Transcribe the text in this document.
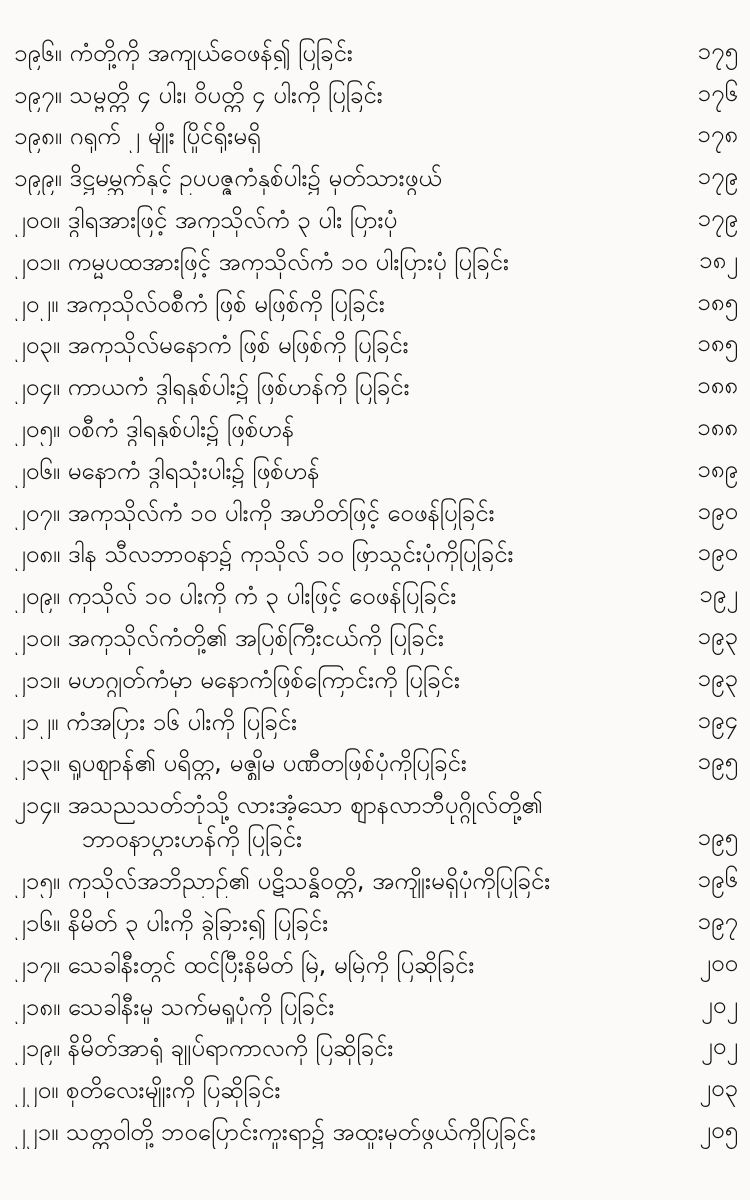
၁၉၆။ ကံတို့ကို အကျယ်ဝေဖန်၍ ပြခြင်း	၁၇၅
၁၉၇။ သမ္ဗတ္တိ ၄ ပါး၊ ဝိပတ္တိ ၄ ပါးကို ပြခြင်း	၁၇၆
၁၉၈။ ဂရုက် ၂ မျိုး ပြိုင်ရိုးမရှိ	၁၇၈
၁၉၉။ ဒိဋ္ဌမမ္ဘက်နှင့် ဥပပဇ္ဇကံနှစ်ပါး၌ မှတ်သားဖွယ်	၁၇၉
၂၀၀။ ဒွါရအားဖြင့် အကုသိုလ်ကံ ၃ ပါး ပြားပုံ	၁၇၉
၂၀၁။ ကမ္မပထအားဖြင့် အကုသိုလ်ကံ ၁၀ ပါးပြားပုံ ပြခြင်း	၁၈၂
၂၀၂။ အကုသိုလ်ဝစီကံ ဖြစ် မဖြစ်ကို ပြခြင်း	၁၈၅
၂၀၃။ အကုသိုလ်မနောကံ ဖြစ် မဖြစ်ကို ပြခြင်း	၁၈၅
၂၀၄။ ကာယကံ ဒွါရနှစ်ပါး၌ ဖြစ်ဟန်ကို ပြခြင်း	၁၈၈
၂၀၅။ ဝစီကံ ဒွါရနှစ်ပါး၌ ဖြစ်ဟန်	၁၈၈
၂၀၆။ မနောကံ ဒွါရသုံးပါး၌ ဖြစ်ဟန်	၁၈၉
၂၀၇။ အကုသိုလ်ကံ ၁၀ ပါးကို အဟိတ်ဖြင့် ဝေဖန်ပြခြင်း	၁၉၀
၂၀၈။ ဒါန သီလဘာဝနာ၌ ကုသိုလ် ၁၀ ဖြာသွင်းပုံကိုပြခြင်း	၁၉၀
၂၀၉။ ကုသိုလ် ၁၀ ပါးကို ကံ ၃ ပါးဖြင့် ဝေဖန်ပြခြင်း	၁၉၂
၂၁၀။ အကုသိုလ်ကံတို့၏ အပြစ်ကြီးငယ်ကို ပြခြင်း	၁၉၃
၂၁၁။ မဟဂ္ဂုတ်ကံမှာ မနောကံဖြစ်ကြောင်းကို ပြခြင်း	၁၉၃
၂၁၂။ ကံအပြား ၁၆ ပါးကို ပြခြင်း	၁၉၄
၂၁၃။ ရူပဈာန်၏ ပရိတ္တ, မဇ္ဈိမ ပဏီတဖြစ်ပုံကိုပြခြင်း	၁၉၅
၂၁၄။ အသညသတ်ဘုံသို့ လားအံ့သော ဈာနလာဘီပုဂ္ဂိုလ်တို့၏
ဘာဝနာပွားဟန်ကို ပြခြင်း	၁၉၅
၂၁၅။ ကုသိုလ်အဘိညာဉ်၏ ပဋိသန္ဓိဝတ္တိ, အကျိုးမရှိပုံကိုပြခြင်း	၁၉၆
၂၁၆။ နိမိတ် ၃ ပါးကို ခွဲခြား၍ ပြခြင်း	၁၉၇
၂၁၇။ သေခါနီးတွင် ထင်ပြီးနိမိတ် မြဲ, မမြဲကို ပြဆိုခြင်း	၂၀၀
၂၁၈။ သေခါနီးမှု သက်မရှုပုံကို ပြခြင်း	၂၀၂
၂၁၉။ နိမိတ်အာရုံ ချုပ်ရာကာလကို ပြဆိုခြင်း	၂၀၂
၂၂၀။ စုတိလေးမျိုးကို ပြဆိုခြင်း	၂၀၃
၂၂၁။ သတ္တဝါတို့ ဘဝပြောင်းကူးရာ၌ အထူးမှတ်ဖွယ်ကိုပြခြင်း	၂၀၅
